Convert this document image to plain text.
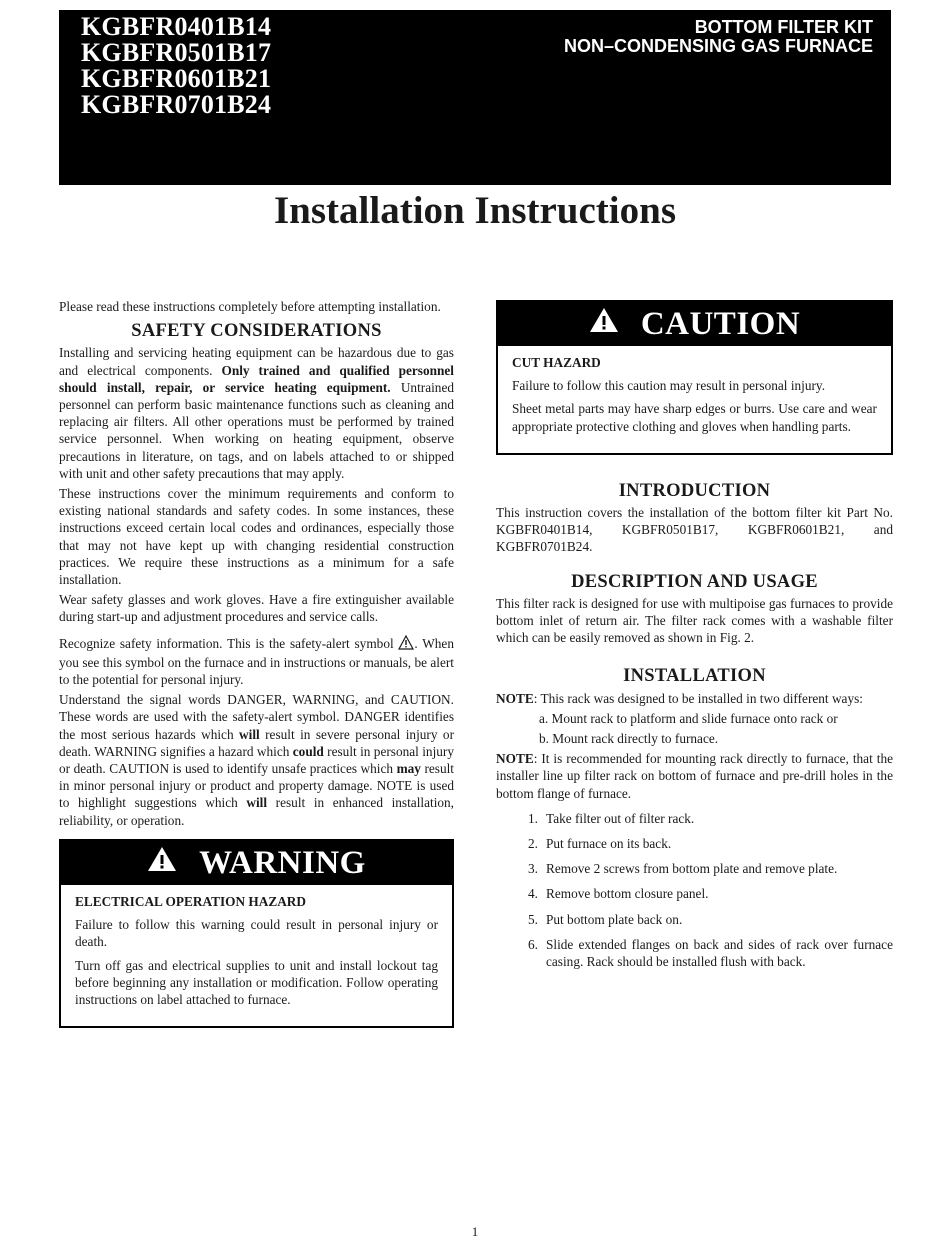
KGBFR0401B14
KGBFR0501B17
KGBFR0601B21
KGBFR0701B24
BOTTOM FILTER KIT
NON–CONDENSING GAS FURNACE
Installation Instructions

Please read these instructions completely before attempting installation.

SAFETY CONSIDERATIONS

Installing and servicing heating equipment can be hazardous due to gas and electrical components. Only trained and qualified personnel should install, repair, or service heating equipment. Untrained personnel can perform basic maintenance functions such as cleaning and replacing air filters. All other operations must be performed by trained service personnel. When working on heating equipment, observe precautions in literature, on tags, and on labels attached to or shipped with unit and other safety precautions that may apply.

These instructions cover the minimum requirements and conform to existing national standards and safety codes. In some instances, these instructions exceed certain local codes and ordinances, especially those that may not have kept up with changing residential construction practices. We require these instructions as a minimum for a safe installation.

Wear safety glasses and work gloves. Have a fire extinguisher available during start-up and adjustment procedures and service calls.

Recognize safety information. This is the safety-alert symbol . When you see this symbol on the furnace and in instructions or manuals, be alert to the potential for personal injury.

Understand the signal words DANGER, WARNING, and CAUTION. These words are used with the safety-alert symbol. DANGER identifies the most serious hazards which will result in severe personal injury or death. WARNING signifies a hazard which could result in personal injury or death. CAUTION is used to identify unsafe practices which may result in minor personal injury or product and property damage. NOTE is used to highlight suggestions which will result in enhanced installation, reliability, or operation.

WARNING

ELECTRICAL OPERATION HAZARD

Failure to follow this warning could result in personal injury or death.

Turn off gas and electrical supplies to unit and install lockout tag before beginning any installation or modification. Follow operating instructions on label attached to furnace.

CAUTION

CUT HAZARD

Failure to follow this caution may result in personal injury.

Sheet metal parts may have sharp edges or burrs. Use care and wear appropriate protective clothing and gloves when handling parts.

INTRODUCTION

This instruction covers the installation of the bottom filter kit Part No. KGBFR0401B14, KGBFR0501B17, KGBFR0601B21, and KGBFR0701B24.

DESCRIPTION AND USAGE

This filter rack is designed for use with multipoise gas furnaces to provide bottom inlet of return air. The filter rack comes with a washable filter which can be easily removed as shown in Fig. 2.

INSTALLATION

NOTE: This rack was designed to be installed in two different ways:

a. Mount rack to platform and slide furnace onto rack or
b. Mount rack directly to furnace.

NOTE: It is recommended for mounting rack directly to furnace, that the installer line up filter rack on bottom of furnace and pre-drill holes in the bottom flange of furnace.

1. Take filter out of filter rack.
2. Put furnace on its back.
3. Remove 2 screws from bottom plate and remove plate.
4. Remove bottom closure panel.
5. Put bottom plate back on.
6. Slide extended flanges on back and sides of rack over furnace casing. Rack should be installed flush with back.
1
